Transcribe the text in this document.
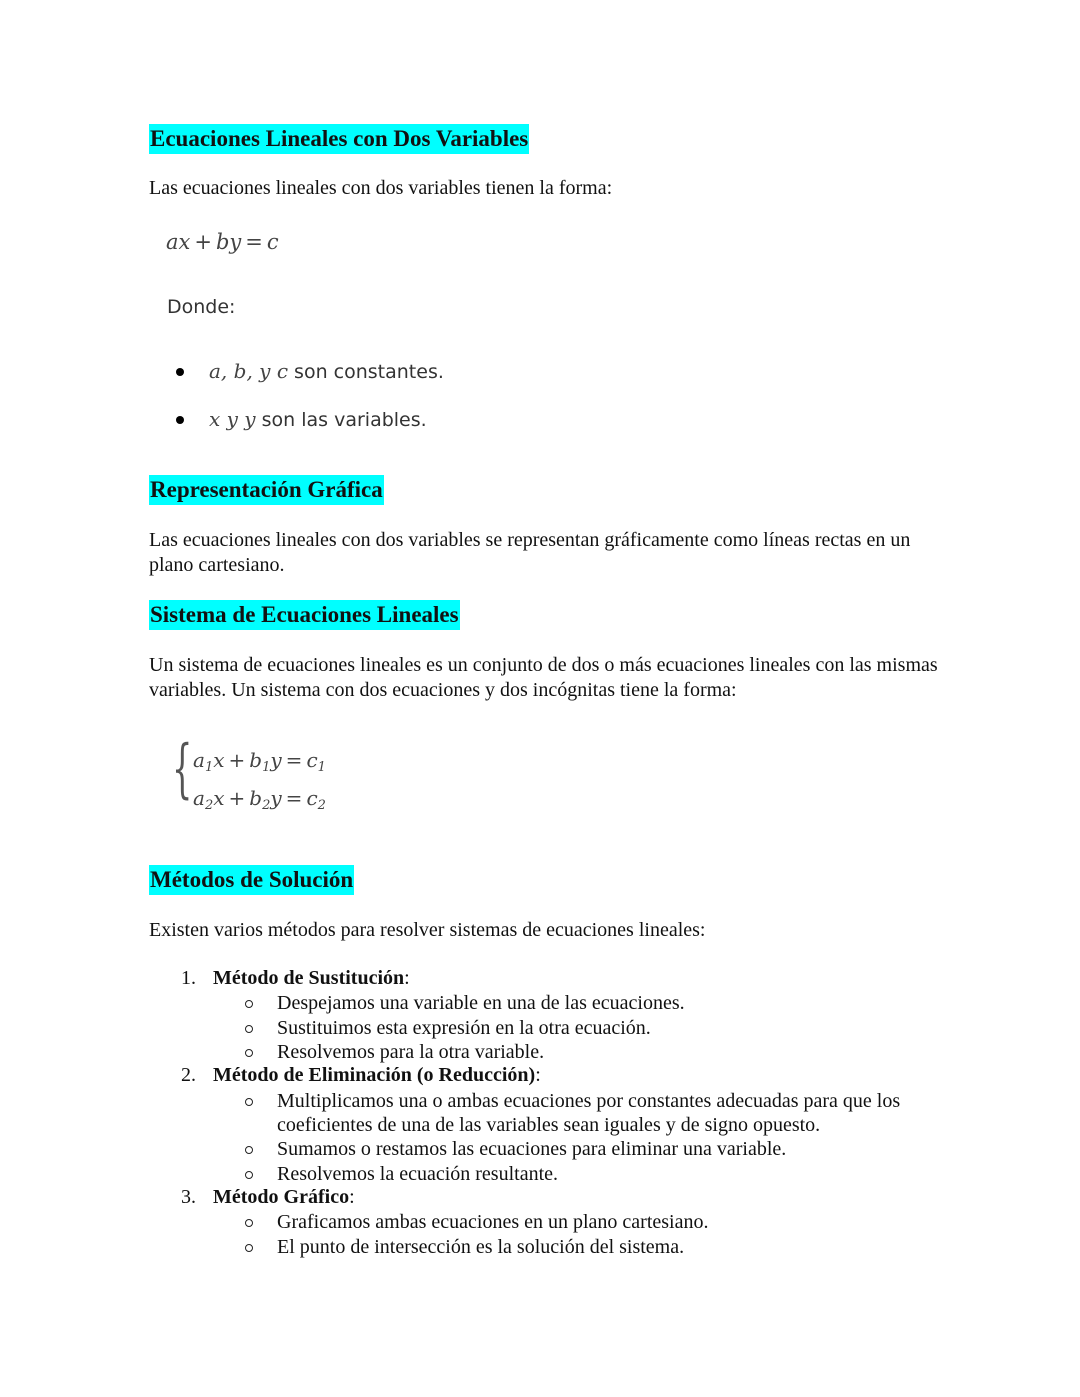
Ecuaciones Lineales con Dos Variables
Las ecuaciones lineales con dos variables tienen la forma:
ax + by = c
Donde:
a, b, y c son constantes.
x y y son las variables.
Representación Gráfica
Las ecuaciones lineales con dos variables se representan gráficamente como líneas rectas en un plano cartesiano.
Sistema de Ecuaciones Lineales
Un sistema de ecuaciones lineales es un conjunto de dos o más ecuaciones lineales con las mismas variables. Un sistema con dos ecuaciones y dos incógnitas tiene la forma:
{ $a_1x + b_1y = c_1$
$a_2x + b_2y = c_2$
Métodos de Solución
Existen varios métodos para resolver sistemas de ecuaciones lineales:
1. Método de Sustitución:
Despejamos una variable en una de las ecuaciones.
Sustituimos esta expresión en la otra ecuación.
Resolvemos para la otra variable.
2. Método de Eliminación (o Reducción):
Multiplicamos una o ambas ecuaciones por constantes adecuadas para que los coeficientes de una de las variables sean iguales y de signo opuesto.
Sumamos o restamos las ecuaciones para eliminar una variable.
Resolvemos la ecuación resultante.
3. Método Gráfico:
Graficamos ambas ecuaciones en un plano cartesiano.
El punto de intersección es la solución del sistema.
